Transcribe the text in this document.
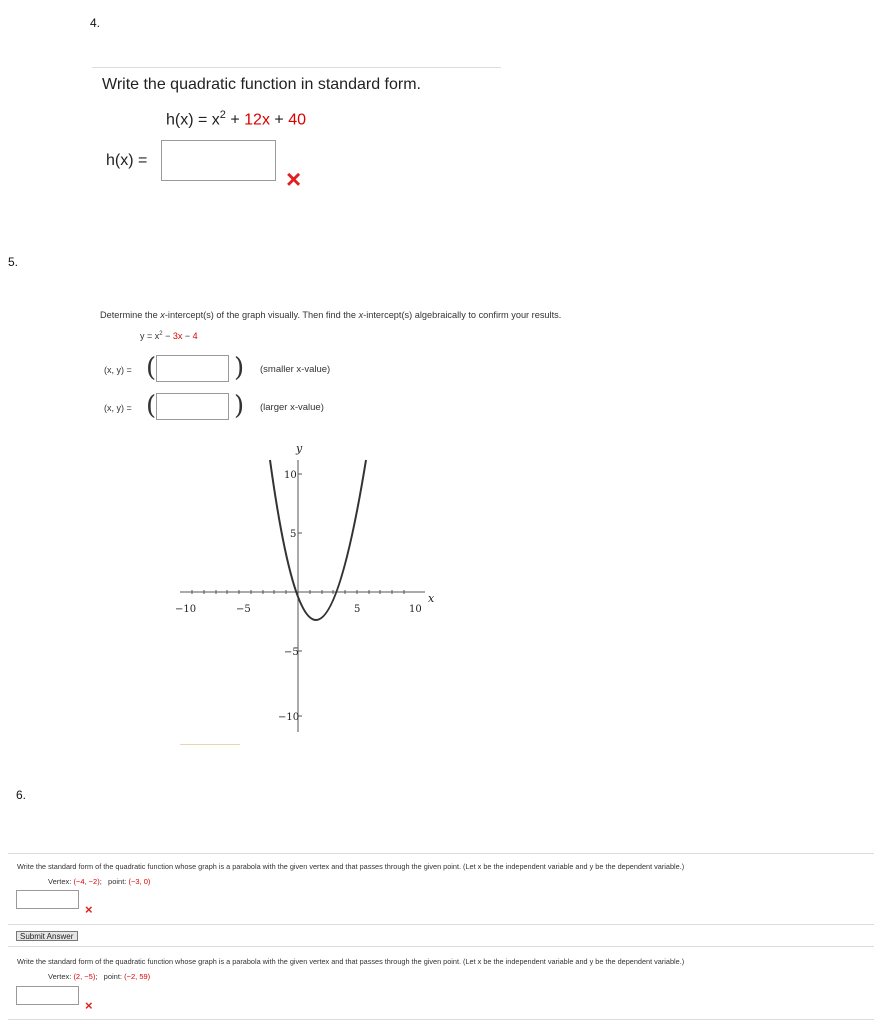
4.
Write the quadratic function in standard form.
$h(x) = x^2 + 12x + 40$
h(x) =
×
5.
Determine the x-intercept(s) of the graph visually. Then find the x-intercept(s) algebraically to confirm your results.
$y = x^2 - 3x - 4$
(x, y) = (	) (smaller x-value)
(x, y) = (	) (larger x-value)
y
x
−10	−5	5	10
10
5
−5
−10
6.
Write the standard form of the quadratic function whose graph is a parabola with the given vertex and that passes through the given point. (Let x be the independent variable and y be the dependent variable.)
Vertex: (−4, −2);   point: (−3, 0)
×
Submit Answer
Write the standard form of the quadratic function whose graph is a parabola with the given vertex and that passes through the given point. (Let x be the independent variable and y be the dependent variable.)
Vertex: (2, −5);   point: (−2, 59)
×
